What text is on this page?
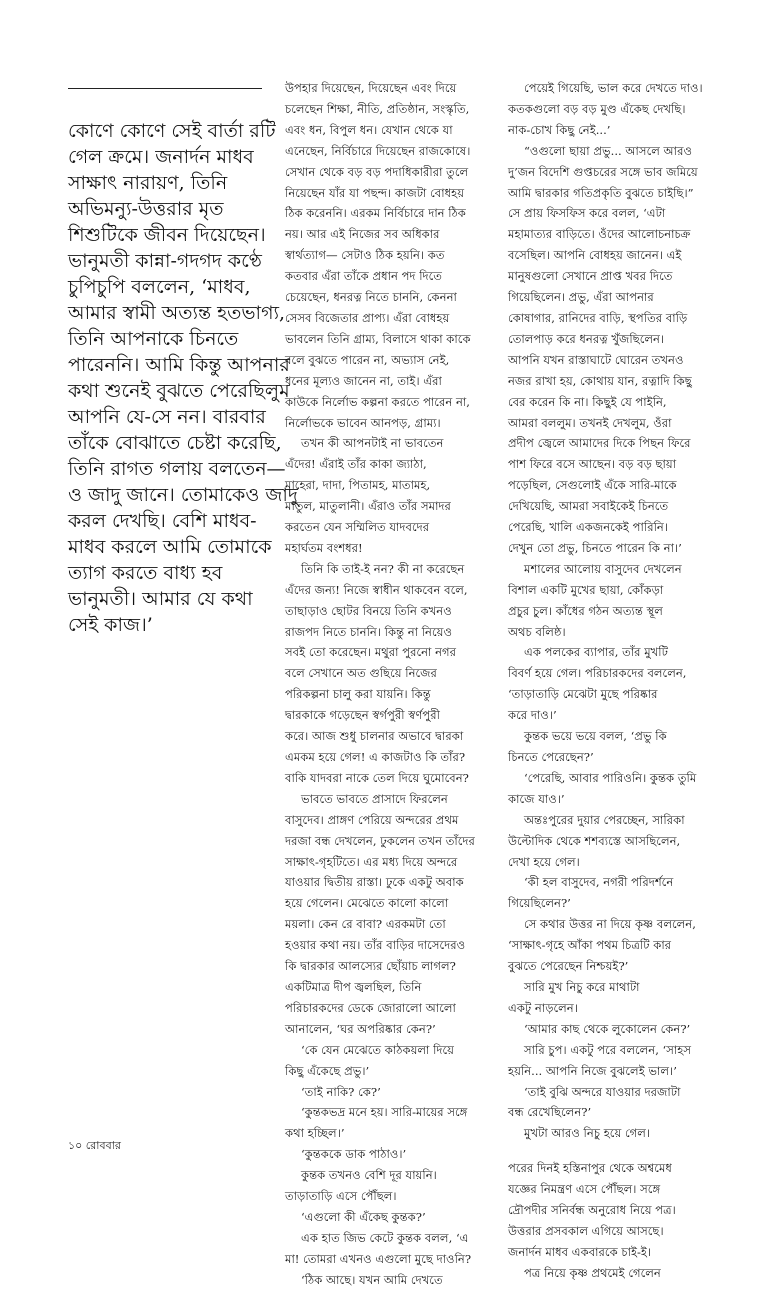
কোণে কোণে সেই বার্তা রটি
গেল ক্রমে। জনার্দন মাধব
সাক্ষাৎ নারায়ণ, তিনি
অভিমন্যু-উত্তরার মৃত
শিশুটিকে জীবন দিয়েছেন।
ভানুমতী কান্না-গদগদ কণ্ঠে
চুপিচুপি বললেন, ‘মাধব,
আমার স্বামী অত্যন্ত হতভাগ্য,
তিনি আপনাকে চিনতে
পারেননি। আমি কিন্তু আপনার
কথা শুনেই বুঝতে পেরেছিলুম
আপনি যে-সে নন। বারবার
তাঁকে বোঝাতে চেষ্টা করেছি,
তিনি রাগত গলায় বলতেন—
ও জাদু জানে। তোমাকেও জাদু
করল দেখছি। বেশি মাধব-
মাধব করলে আমি তোমাকে
ত্যাগ করতে বাধ্য হব
ভানুমতী। আমার যে কথা
সেই কাজ।’
উপহার দিয়েছেন, দিয়েছেন এবং দিয়ে
চলেছেন শিক্ষা, নীতি, প্রতিষ্ঠান, সংস্কৃতি,
এবং ধন, বিপুল ধন। যেখান থেকে যা
এনেছেন, নির্বিচারে দিয়েছেন রাজকোষে।
সেখান থেকে বড় বড় পদাধিকারীরা তুলে
নিয়েছেন যাঁর যা পছন্দ। কাজটা বোধহয়
ঠিক করেননি। এরকম নির্বিচারে দান ঠিক
নয়। আর এই নিজের সব অধিকার
স্বার্থত্যাগ— সেটাও ঠিক হয়নি। কত
কতবার এঁরা তাঁকে প্রধান পদ দিতে
চেয়েছেন, ধনরত্ন নিতে চাননি, কেননা
সেসব বিজেতার প্রাপ্য। এঁরা বোধহয়
ভাবলেন তিনি গ্রাম্য, বিলাসে থাকা কাকে
বলে বুঝতে পারেন না, অভ্যাস নেই,
ধনের মূল্যও জানেন না, তাই। এঁরা
কাউকে নির্লোভ কল্পনা করতে পারেন না,
নির্লোভকে ভাবেন আনপড়, গ্রাম্য।
তখন কী আপনটাই না ভাবতেন
এঁদের! এঁরাই তাঁর কাকা জ্যাঠা,
মাহেরা, দাদা, পিতামহ, মাতামহ,
মাতুল, মাতুলানী। এঁরাও তাঁর সমাদর
করতেন যেন সম্মিলিত যাদবদের
মহার্ঘতম বংশধর!
তিনি কি তাই-ই নন? কী না করেছেন
এঁদের জন্য! নিজে স্বাধীন থাকবেন বলে,
তাছাড়াও ছোটর বিনয়ে তিনি কখনও
রাজপদ নিতে চাননি। কিন্তু না নিয়েও
সবই তো করেছেন। মথুরা পুরনো নগর
বলে সেখানে অত গুছিয়ে নিজের
পরিকল্পনা চালু করা যায়নি। কিন্তু
দ্বারকাকে গড়েছেন স্বর্গপুরী স্বর্ণপুরী
করে। আজ শুধু চালনার অভাবে দ্বারকা
এমকম হয়ে গেল! এ কাজটাও কি তাঁর?
বাকি যাদবরা নাকে তেল দিয়ে ঘুমোবেন?
ভাবতে ভাবতে প্রাসাদে ফিরলেন
বাসুদেব। প্রাঙ্গণ পেরিয়ে অন্দরের প্রথম
দরজা বন্ধ দেখলেন, ঢুকলেন তখন তাঁদের
সাক্ষাৎ-গৃহটিতে। এর মধ্য দিয়ে অন্দরে
যাওয়ার দ্বিতীয় রাস্তা। ঢুকে একটু অবাক
হয়ে গেলেন। মেঝেতে কালো কালো
ময়লা। কেন রে বাবা? এরকমটা তো
হওয়ার কথা নয়। তাঁর বাড়ির দাসেদেরও
কি দ্বারকার আলস্যের ছোঁয়াচ লাগল?
একটিমাত্র দীপ জ্বলছিল, তিনি
পরিচারকদের ডেকে জোরালো আলো
আনালেন, ‘ঘর অপরিষ্কার কেন?’
‘কে যেন মেঝেতে কাঠকয়লা দিয়ে
কিছু এঁকেছে প্রভু।’
‘তাই নাকি? কে?’
‘কুন্তকভদ্র মনে হয়। সারি-মায়ের সঙ্গে
কথা হচ্ছিল।’
‘কুন্তককে ডাক পাঠাও।’
কুন্তক তখনও বেশি দূর যায়নি।
তাড়াতাড়ি এসে পৌঁছল।
‘এগুলো কী এঁকেছ কুন্তক?’
এক হাত জিভ কেটে কুন্তক বলল, ‘এ
মা! তোমরা এখনও এগুলো মুছে দাওনি?
‘ঠিক আছে। যখন আমি দেখতে
পেয়েই গিয়েছি, ভাল করে দেখতে দাও।
কতকগুলো বড় বড় মুণ্ড এঁকেছ দেখছি।
নাক-চোখ কিছু নেই...’
“ওগুলো ছায়া প্রভু... আসলে আরও
দু’জন বিদেশি গুপ্তচরের সঙ্গে ভাব জমিয়ে
আমি দ্বারকার গতিপ্রকৃতি বুঝতে চাইছি।”
সে প্রায় ফিসফিস করে বলল, ‘এটা
মহামাত্যর বাড়িতে। ওঁদের আলোচনাচক্র
বসেছিল। আপনি বোধহয় জানেন। এই
মানুষগুলো সেখানে প্রাপ্ত খবর দিতে
গিয়েছিলেন। প্রভু, এঁরা আপনার
কোষাগার, রানিদের বাড়ি, স্থপতির বাড়ি
তোলপাড় করে ধনরত্ন খুঁজছিলেন।
আপনি যখন রাস্তাঘাটে ঘোরেন তখনও
নজর রাখা হয়, কোথায় যান, রত্নাদি কিছু
বের করেন কি না। কিছুই যে পাইনি,
আমরা বললুম। তখনই দেখলুম, ওঁরা
প্রদীপ জ্বেলে আমাদের দিকে পিছন ফিরে
পাশ ফিরে বসে আছেন। বড় বড় ছায়া
পড়েছিল, সেগুলোই এঁকে সারি-মাকে
দেখিয়েছি, আমরা সবাইকেই চিনতে
পেরেছি, খালি একজনকেই পারিনি।
দেখুন তো প্রভু, চিনতে পারেন কি না।’
মশালের আলোয় বাসুদেব দেখলেন
বিশাল একটি মুখের ছায়া, কোঁকড়া
প্রচুর চুল। কাঁধের গঠন অত্যন্ত স্থূল
অথচ বলিষ্ঠ।
এক পলকের ব্যাপার, তাঁর মুখটি
বিবর্ণ হয়ে গেল। পরিচারকদের বললেন,
‘তাড়াতাড়ি মেঝেটা মুছে পরিষ্কার
করে দাও।’
কুন্তক ভয়ে ভয়ে বলল, ‘প্রভু কি
চিনতে পেরেছেন?’
‘পেরেছি, আবার পারিওনি। কুন্তক তুমি
কাজে যাও।’
অন্তঃপুরের দুয়ার পেরচ্ছেন, সারিকা
উল্টোদিক থেকে শশব্যস্তে আসছিলেন,
দেখা হয়ে গেল।
‘কী হল বাসুদেব, নগরী পরিদর্শনে
গিয়েছিলেন?’
সে কথার উত্তর না দিয়ে কৃষ্ণ বললেন,
‘সাক্ষাৎ-গৃহে আঁকা পথম চিত্রটি কার
বুঝতে পেরেছেন নিশ্চয়ই?’
সারি মুখ নিচু করে মাথাটা
একটু নাড়লেন।
‘আমার কাছ থেকে লুকোলেন কেন?’
সারি চুপ। একটু পরে বললেন, ‘সাহস
হয়নি... আপনি নিজে বুঝলেই ভাল।’
‘তাই বুঝি অন্দরে যাওয়ার দরজাটা
বন্ধ রেখেছিলেন?’
মুখটা আরও নিচু হয়ে গেল।
পরের দিনই হস্তিনাপুর থেকে অশ্বমেধ
যজ্ঞের নিমন্ত্রণ এসে পৌঁছল। সঙ্গে
দ্রৌপদীর সনির্বন্ধ অনুরোধ নিয়ে পত্র।
উত্তরার প্রসবকাল এগিয়ে আসছে।
জনার্দন মাধব একবারকে চাই-ই।
পত্র নিয়ে কৃষ্ণ প্রথমেই গেলেন
১০ রোববার
